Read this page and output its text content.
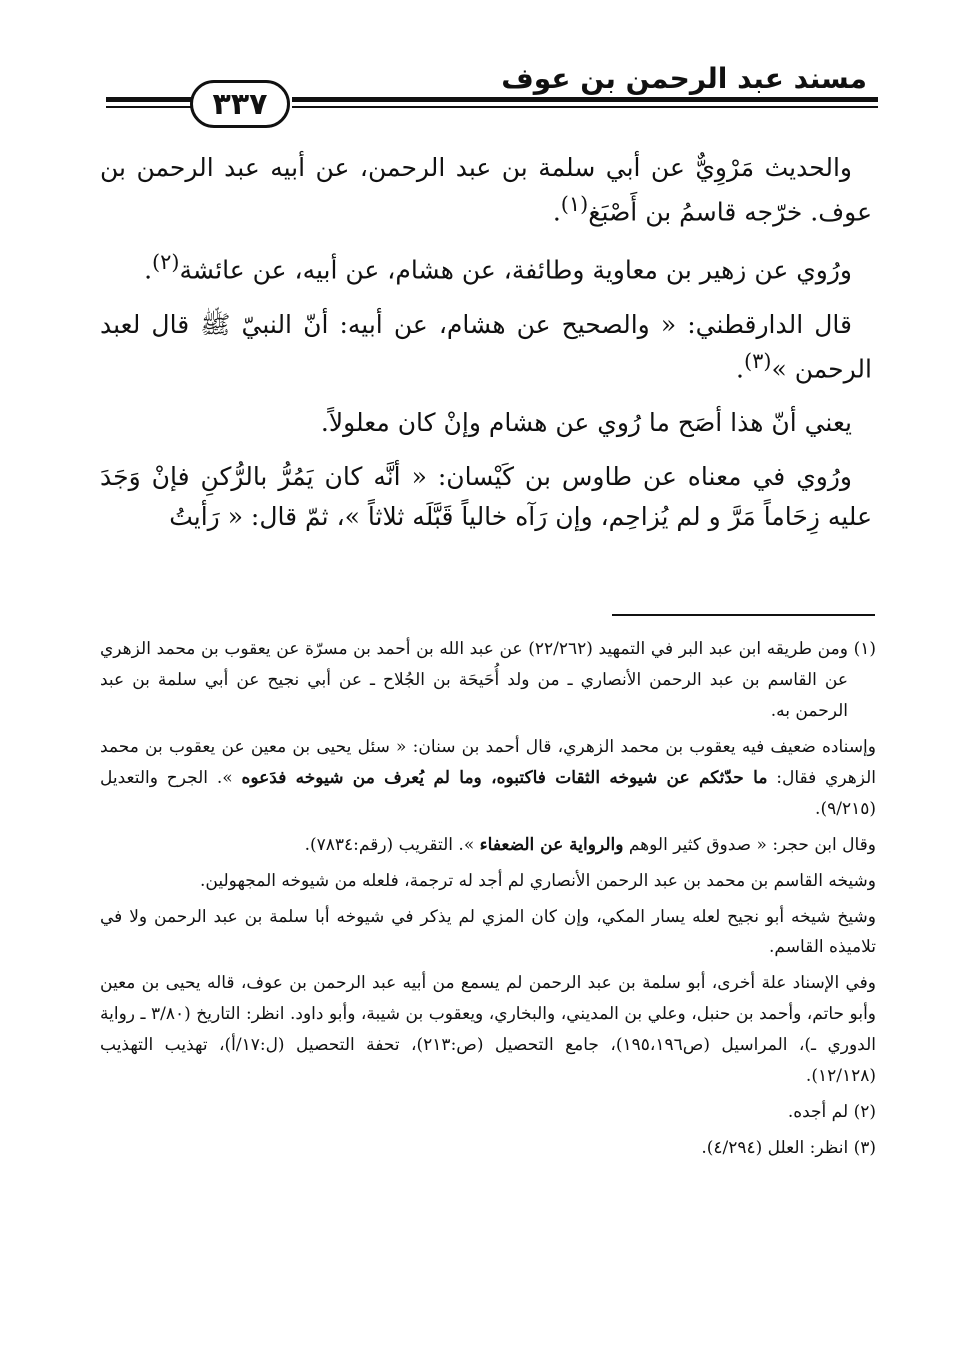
مسند عبد الرحمن بن عوف
٣٣٧

والحديث مَرْوِيٌّ عن أبي سلمة بن عبد الرحمن، عن أبيه عبد الرحمن بن عوف. خرّجه قاسمُ بن أَصْبَغ$^{(١)}$.

ورُوي عن زهير بن معاوية وطائفة، عن هشام، عن أبيه، عن عائشة$^{(٢)}$.

قال الدارقطني: « والصحيح عن هشام، عن أبيه: أنّ النبيّ ﷺ قال لعبد الرحمن »$^{(٣)}$.

يعني أنّ هذا أصَح ما رُوي عن هشام وإنْ كان معلولاً.

ورُوي في معناه عن طاوس بن كَيْسان: « أنَّه كان يَمُرُّ بالرُّكنِ فإنْ وَجَدَ عليه زِحَاماً مَرَّ و لم يُزاحِم، وإن رَآه خالياً قَبَّلَه ثلاثاً »، ثمّ قال: « رَأيتُ

(١) ومن طريقه ابن عبد البر في التمهيد (٢٢/٢٦٢) عن عبد الله بن أحمد بن مسرّة عن يعقوب بن محمد الزهري عن القاسم بن عبد الرحمن الأنصاري ـ من ولد أُحَيحَة بن الجُلاح ـ عن أبي نجيح عن أبي سلمة بن عبد الرحمن به.

وإسناده ضعيف فيه يعقوب بن محمد الزهري، قال أحمد بن سنان: « سئل يحيى بن معين عن يعقوب بن محمد الزهري فقال: ما حدّثكم عن شيوخه الثقات فاكتبوه، وما لم يُعرف من شيوخه فدَعوه ». الجرح والتعديل (٩/٢١٥).

وقال ابن حجر: « صدوق كثير الوهم والرواية عن الضعفاء ». التقريب (رقم:٧٨٣٤).

وشيخه القاسم بن محمد بن عبد الرحمن الأنصاري لم أجد له ترجمة، فلعله من شيوخه المجهولين.

وشيخ شيخه أبو نجيح لعله يسار المكي، وإن كان المزي لم يذكر في شيوخه أبا سلمة بن عبد الرحمن ولا في تلاميذه القاسم.

وفي الإسناد علة أخرى، أبو سلمة بن عبد الرحمن لم يسمع من أبيه عبد الرحمن بن عوف، قاله يحيى بن معين وأبو حاتم، وأحمد بن حنبل، وعلي بن المديني، والبخاري، ويعقوب بن شيبة، وأبو داود. انظر: التاريخ (٣/٨٠ ـ رواية الدوري ـ)، المراسيل (ص١٩٥،١٩٦)، جامع التحصيل (ص:٢١٣)، تحفة التحصيل (ل:١٧/أ)، تهذيب التهذيب (١٢/١٢٨).

(٢) لم أجده.

(٣) انظر: العلل (٤/٢٩٤).
